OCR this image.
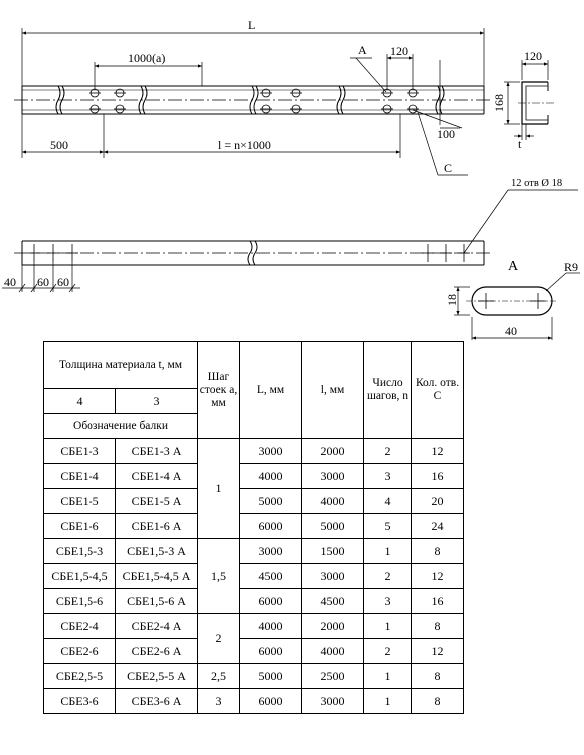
L
1000(a)
500	l = n×1000
A 120
100
C
120
168
t
12 отв Ø 18
40 60 60
A	R9
18
40
Толщина материала t, мм		Шаг стоек а, мм	L, мм	l, мм	Число шагов, n	Кол. отв. С
4	3					
Обозначение балки						
СБЕ1-3	СБЕ1-3 А	1	3000	2000	2	12
СБЕ1-4	СБЕ1-4 А		4000	3000	3	16
СБЕ1-5	СБЕ1-5 А		5000	4000	4	20
СБЕ1-6	СБЕ1-6 А		6000	5000	5	24
СБЕ1,5-3	СБЕ1,5-3 А	1,5	3000	1500	1	8
СБЕ1,5-4,5	СБЕ1,5-4,5 А		4500	3000	2	12
СБЕ1,5-6	СБЕ1,5-6 А		6000	4500	3	16
СБЕ2-4	СБЕ2-4 А	2	4000	2000	1	8
СБЕ2-6	СБЕ2-6 А		6000	4000	2	12
СБЕ2,5-5	СБЕ2,5-5 А	2,5	5000	2500	1	8
СБЕ3-6	СБЕ3-6 А	3	6000	3000	1	8
